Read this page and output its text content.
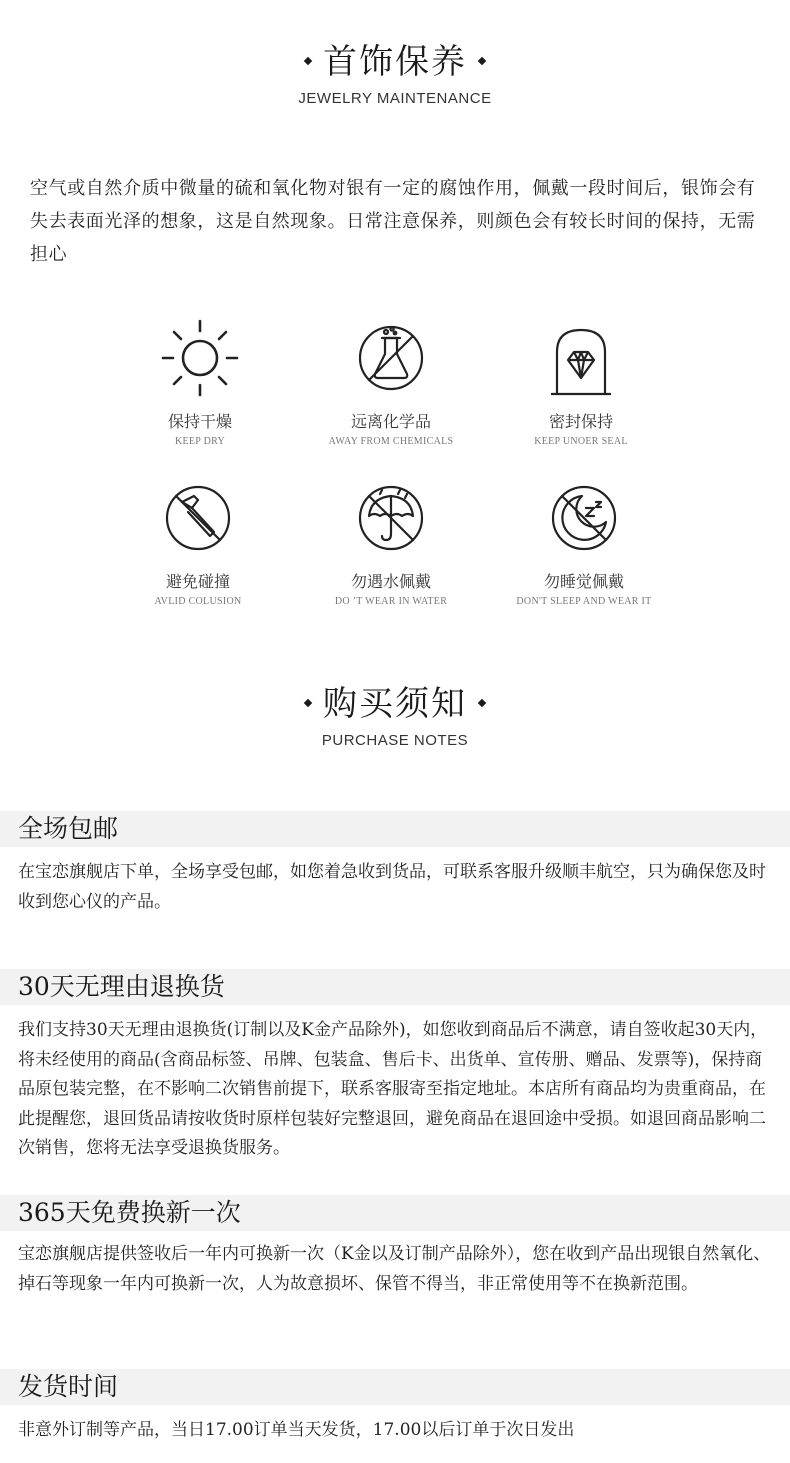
首饰保养
JEWELRY MAINTENANCE
空气或自然介质中微量的硫和氧化物对银有一定的腐蚀作用，佩戴一段时间后，银饰会有失去表面光泽的想象，这是自然现象。日常注意保养，则颜色会有较长时间的保持，无需担心
保持干燥
KEEP DRY
远离化学品
AWAY FROM CHEMICALS
密封保持
KEEP UNOER SEAL
避免碰撞
AVLID COLUSION
勿遇水佩戴
DO ’T WEAR IN WATER
勿睡觉佩戴
DON'T SLEEP AND WEAR IT
购买须知
PURCHASE NOTES
全场包邮
在宝恋旗舰店下单，全场享受包邮，如您着急收到货品，可联系客服升级顺丰航空，只为确保您及时收到您心仪的产品。
30天无理由退换货
我们支持30天无理由退换货(订制以及K金产品除外)，如您收到商品后不满意，请自签收起30天内，将未经使用的商品(含商品标签、吊牌、包装盒、售后卡、出货单、宣传册、赠品、发票等)，保持商品原包装完整，在不影响二次销售前提下，联系客服寄至指定地址。本店所有商品均为贵重商品，在此提醒您，退回货品请按收货时原样包装好完整退回，避免商品在退回途中受损。如退回商品影响二次销售，您将无法享受退换货服务。
365天免费换新一次
宝恋旗舰店提供签收后一年内可换新一次（K金以及订制产品除外），您在收到产品出现银自然氧化、掉石等现象一年内可换新一次，人为故意损坏、保管不得当，非正常使用等不在换新范围。
发货时间
非意外订制等产品，当日17.00订单当天发货，17.00以后订单于次日发出
